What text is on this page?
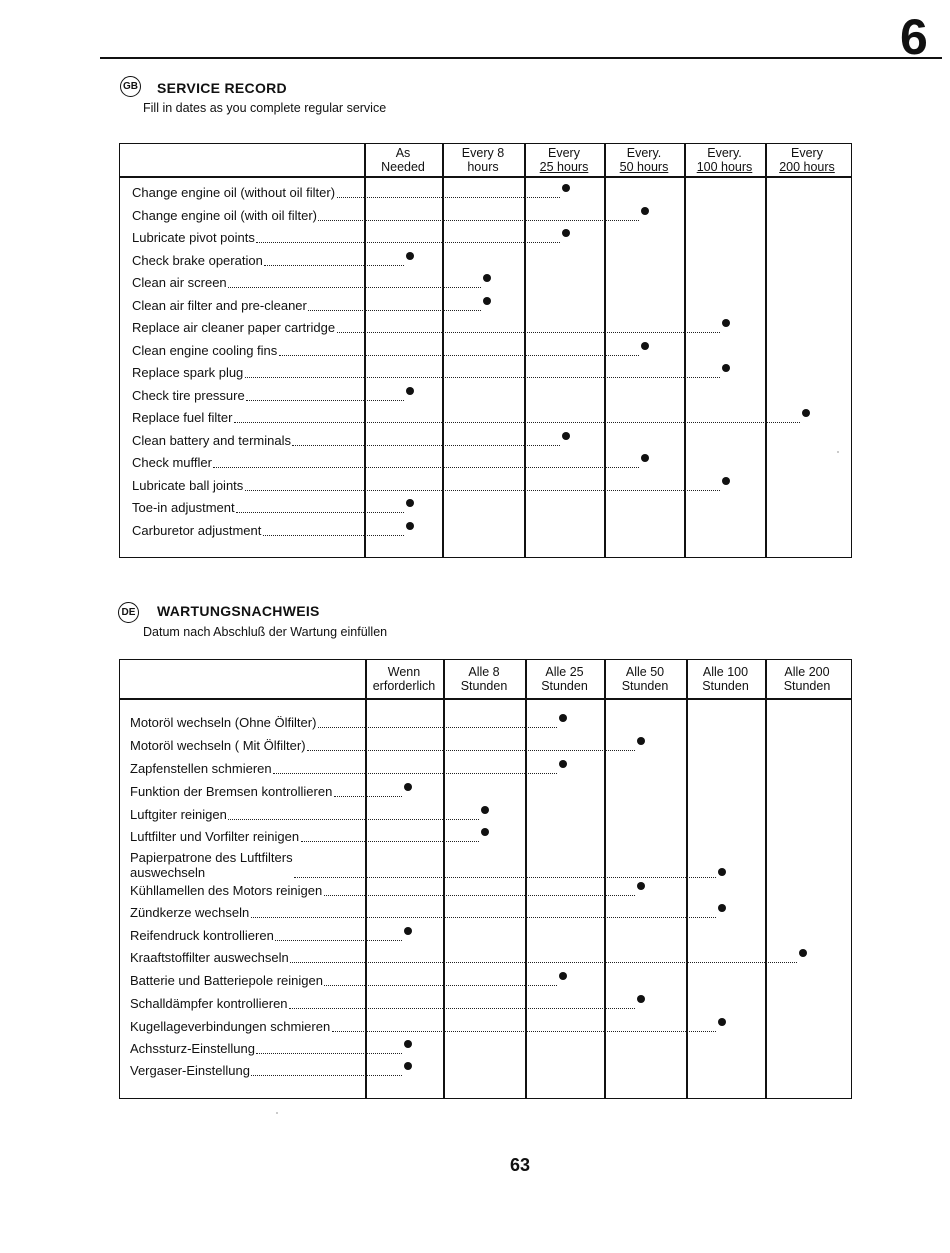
6
GB SERVICE RECORD
Fill in dates as you complete regular service
As
Needed
Every 8
hours
Every
25 hours
Every.
50 hours
Every.
100 hours
Every
200 hours
Change engine oil (without oil filter)
Change engine oil (with oil filter)
Lubricate pivot points
Check brake operation
Clean air screen
Clean air filter and pre-cleaner
Replace air cleaner paper cartridge
Clean engine cooling fins
Replace spark plug
Check tire pressure
Replace fuel filter
Clean battery and terminals
Check muffler
Lubricate ball joints
Toe-in adjustment
Carburetor adjustment
DE WARTUNGSNACHWEIS
Datum nach Abschluß der Wartung einfüllen
Wenn
erforderlich
Alle 8
Stunden
Alle 25
Stunden
Alle 50
Stunden
Alle 100
Stunden
Alle 200
Stunden
Motoröl wechseln (Ohne Ölfilter)
Motoröl wechseln ( Mit Ölfilter)
Zapfenstellen schmieren
Funktion der Bremsen kontrollieren
Luftgiter reinigen
Luftfilter und Vorfilter reinigen
Papierpatrone des Luftfilters
auswechseln
Kühllamellen des Motors reinigen
Zündkerze wechseln
Reifendruck kontrollieren
Kraaftstoffilter auswechseln
Batterie und Batteriepole reinigen
Schalldämpfer kontrollieren
Kugellageverbindungen schmieren
Achssturz-Einstellung
Vergaser-Einstellung
63
